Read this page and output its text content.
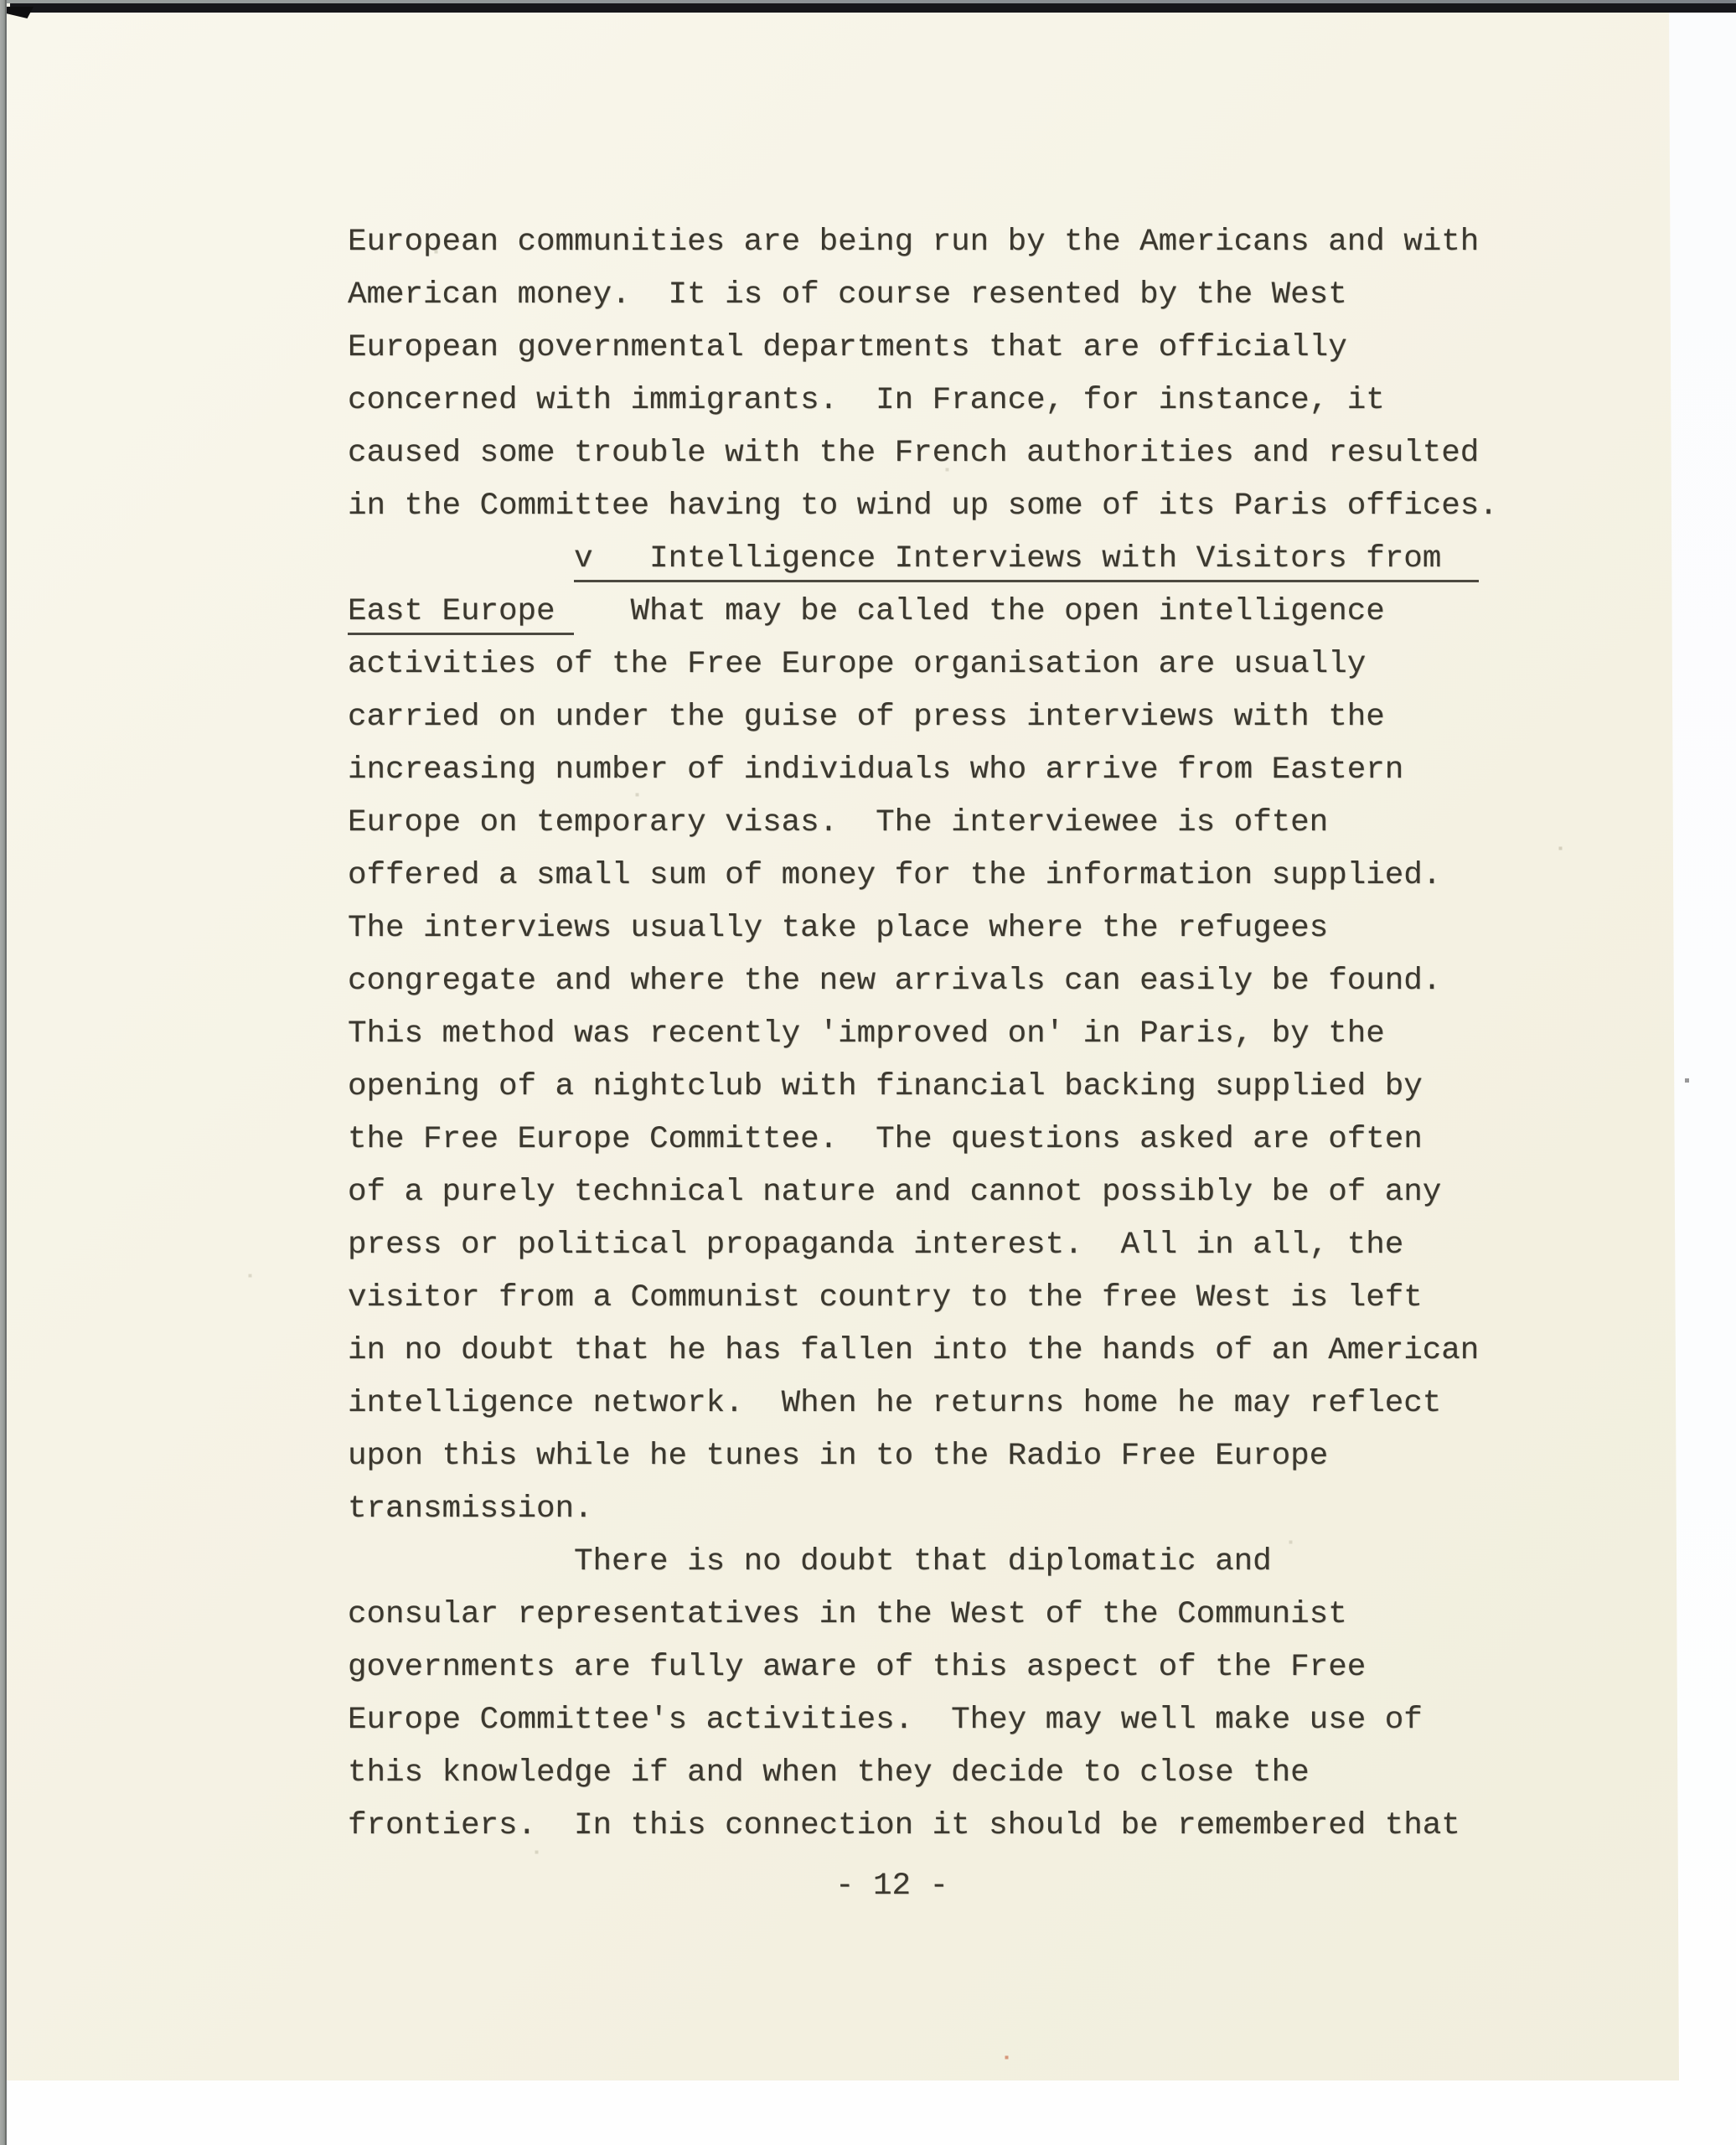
European communities are being run by the Americans and with
American money.  It is of course resented by the West
European governmental departments that are officially
concerned with immigrants.  In France, for instance, it
caused some trouble with the French authorities and resulted
in the Committee having to wind up some of its Paris offices.
v   Intelligence Interviews with Visitors from
East Europe    What may be called the open intelligence
activities of the Free Europe organisation are usually
carried on under the guise of press interviews with the
increasing number of individuals who arrive from Eastern
Europe on temporary visas.  The interviewee is often
offered a small sum of money for the information supplied.
The interviews usually take place where the refugees
congregate and where the new arrivals can easily be found.
This method was recently 'improved on' in Paris, by the
opening of a nightclub with financial backing supplied by
the Free Europe Committee.  The questions asked are often
of a purely technical nature and cannot possibly be of any
press or political propaganda interest.  All in all, the
visitor from a Communist country to the free West is left
in no doubt that he has fallen into the hands of an American
intelligence network.  When he returns home he may reflect
upon this while he tunes in to the Radio Free Europe
transmission.
There is no doubt that diplomatic and
consular representatives in the West of the Communist
governments are fully aware of this aspect of the Free
Europe Committee's activities.  They may well make use of
this knowledge if and when they decide to close the
frontiers.  In this connection it should be remembered that
- 12 -
